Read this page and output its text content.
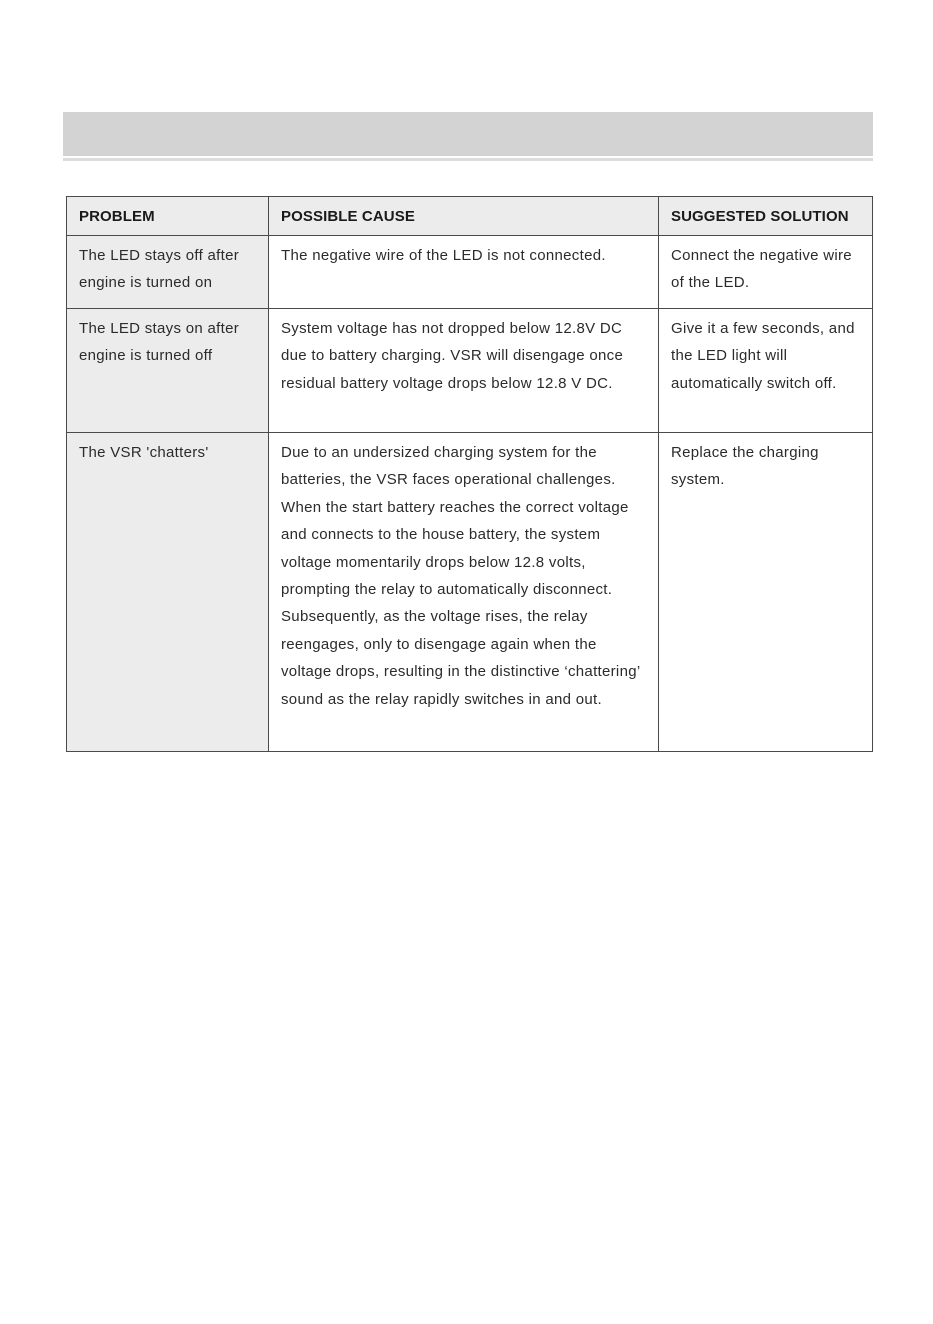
PROBLEM	POSSIBLE CAUSE	SUGGESTED SOLUTION
The LED stays off after engine is turned on	The negative wire of the LED is not connected.	Connect the negative wire of the LED.
The LED stays on after engine is turned off	System voltage has not dropped below 12.8V DC due to battery charging. VSR will disengage once residual battery voltage drops below 12.8 V DC.	Give it a few seconds, and the LED light will automatically switch off.
The VSR 'chatters'	Due to an undersized charging system for the batteries, the VSR faces operational challenges. When the start battery reaches the correct voltage and connects to the house battery, the system voltage momentarily drops below 12.8 volts, prompting the relay to automatically disconnect. Subsequently, as the voltage rises, the relay reengages, only to disengage again when the voltage drops, resulting in the distinctive ‘chattering’ sound as the relay rapidly switches in and out.	Replace the charging system.
